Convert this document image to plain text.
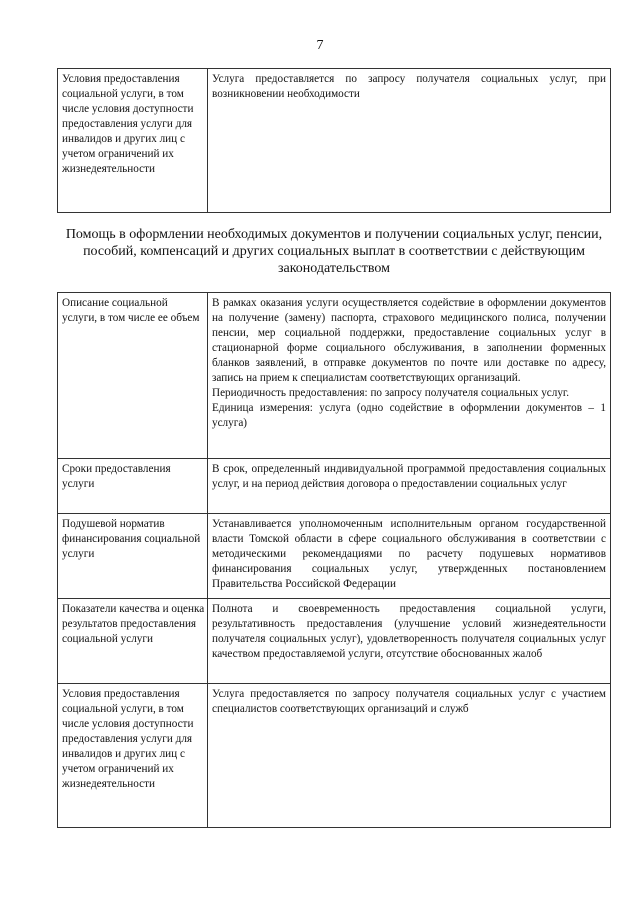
7
Условия предоставления социальной услуги, в том числе условия доступности предоставления услуги для инвалидов и других лиц с учетом ограничений их жизнедеятельности	Услуга предоставляется по запросу получателя социальных услуг, при возникновении необходимости
Помощь в оформлении необходимых документов и получении социальных услуг, пенсии, пособий, компенсаций и других социальных выплат в соответствии с действующим законодательством
Описание социальной услуги, в том числе ее объем	В рамках оказания услуги осуществляется содействие в оформлении документов на получение (замену) паспорта, страхового медицинского полиса, получении пенсии, мер социальной поддержки, предоставление социальных услуг в стационарной форме социального обслуживания, в заполнении форменных бланков заявлений, в отправке документов по почте или доставке по адресу, запись на прием к специалистам соответствующих организаций.

Периодичность предоставления: по запросу получателя социальных услуг.

Единица измерения: услуга (одно содействие в оформлении документов – 1 услуга)

Сроки предоставления услуги	В срок, определенный индивидуальной программой предоставления социальных услуг, и на период действия договора о предоставлении социальных услуг
Подушевой норматив финансирования социальной услуги	Устанавливается уполномоченным исполнительным органом государственной власти Томской области в сфере социального обслуживания в соответствии с методическими рекомендациями по расчету подушевых нормативов финансирования социальных услуг, утвержденных постановлением Правительства Российской Федерации
Показатели качества и оценка результатов предоставления социальной услуги	Полнота и своевременность предоставления социальной услуги, результативность предоставления (улучшение условий жизнедеятельности получателя социальных услуг), удовлетворенность получателя социальных услуг качеством предоставляемой услуги, отсутствие обоснованных жалоб
Условия предоставления социальной услуги, в том числе условия доступности предоставления услуги для инвалидов и других лиц с учетом ограничений их жизнедеятельности	Услуга предоставляется по запросу получателя социальных услуг с участием специалистов соответствующих организаций и служб
